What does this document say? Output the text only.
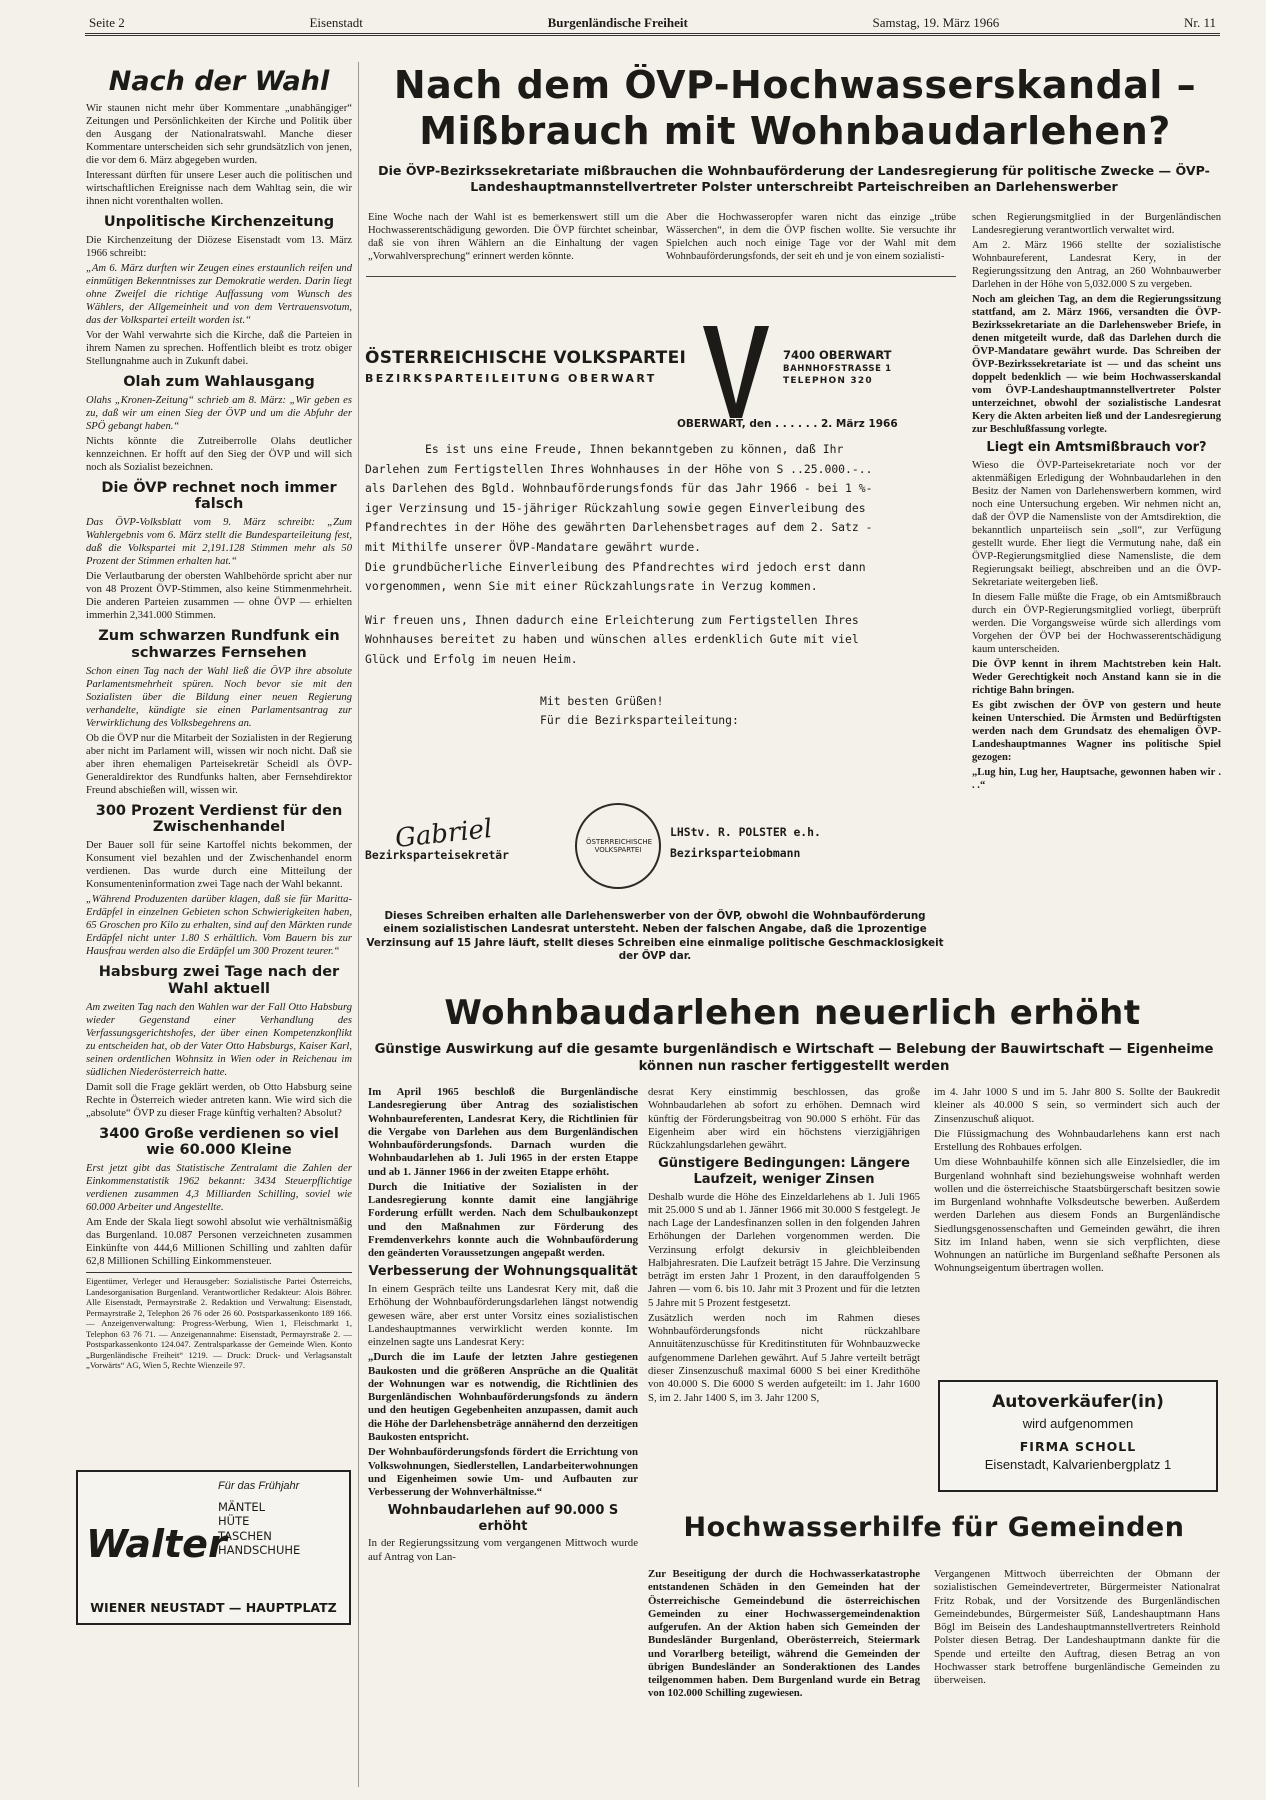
Seite 2	Eisenstadt	Burgenländische Freiheit	Samstag, 19. März 1966	Nr. 11
Nach der Wahl

Wir staunen nicht mehr über Kommentare „unabhängiger“ Zeitungen und Persönlichkeiten der Kirche und Politik über den Ausgang der Nationalratswahl. Manche dieser Kommentare unterscheiden sich sehr grundsätzlich von jenen, die vor dem 6. März abgegeben wurden.

Interessant dürften für unsere Leser auch die politischen und wirtschaftlichen Ereignisse nach dem Wahltag sein, die wir ihnen nicht vorenthalten wollen.

Unpolitische Kirchenzeitung

Die Kirchenzeitung der Diözese Eisenstadt vom 13. März 1966 schreibt:

„Am 6. März durften wir Zeugen eines erstaunlich reifen und einmütigen Bekenntnisses zur Demokratie werden. Darin liegt ohne Zweifel die richtige Auffassung vom Wunsch des Wählers, der Allgemeinheit und von dem Vertrauensvotum, das der Volkspartei erteilt worden ist.“

Vor der Wahl verwahrte sich die Kirche, daß die Parteien in ihrem Namen zu sprechen. Hoffentlich bleibt es trotz obiger Stellungnahme auch in Zukunft dabei.

Olah zum Wahlausgang

Olahs „Kronen-Zeitung“ schrieb am 8. März: „Wir geben es zu, daß wir um einen Sieg der ÖVP und um die Abfuhr der SPÖ gebangt haben.“

Nichts könnte die Zutreiberrolle Olahs deutlicher kennzeichnen. Er hofft auf den Sieg der ÖVP und will sich noch als Sozialist bezeichnen.

Die ÖVP rechnet noch immer falsch

Das ÖVP-Volksblatt vom 9. März schreibt: „Zum Wahlergebnis vom 6. März stellt die Bundesparteileitung fest, daß die Volkspartei mit 2,191.128 Stimmen mehr als 50 Prozent der Stimmen erhalten hat.“

Die Verlautbarung der obersten Wahlbehörde spricht aber nur von 48 Prozent ÖVP-Stimmen, also keine Stimmenmehrheit. Die anderen Parteien zusammen — ohne ÖVP — erhielten immerhin 2,341.000 Stimmen.

Zum schwarzen Rundfunk ein schwarzes Fernsehen

Schon einen Tag nach der Wahl ließ die ÖVP ihre absolute Parlamentsmehrheit spüren. Noch bevor sie mit den Sozialisten über die Bildung einer neuen Regierung verhandelte, kündigte sie einen Parlamentsantrag zur Verwirklichung des Volksbegehrens an.

Ob die ÖVP nur die Mitarbeit der Sozialisten in der Regierung aber nicht im Parlament will, wissen wir noch nicht. Daß sie aber ihren ehemaligen Parteisekretär Scheidl als ÖVP-Generaldirektor des Rundfunks halten, aber Fernsehdirektor Freund abschießen will, wissen wir.

300 Prozent Verdienst für den Zwischenhandel

Der Bauer soll für seine Kartoffel nichts bekommen, der Konsument viel bezahlen und der Zwischenhandel enorm verdienen. Das wurde durch eine Mitteilung der Konsumenteninformation zwei Tage nach der Wahl bekannt.

„Während Produzenten darüber klagen, daß sie für Maritta-Erdäpfel in einzelnen Gebieten schon Schwierigkeiten haben, 65 Groschen pro Kilo zu erhalten, sind auf den Märkten runde Erdäpfel nicht unter 1.80 S erhältlich. Vom Bauern bis zur Hausfrau werden also die Erdäpfel um 300 Prozent teurer.“

Habsburg zwei Tage nach der Wahl aktuell

Am zweiten Tag nach den Wahlen war der Fall Otto Habsburg wieder Gegenstand einer Verhandlung des Verfassungsgerichtshofes, der über einen Kompetenzkonflikt zu entscheiden hat, ob der Vater Otto Habsburgs, Kaiser Karl, seinen ordentlichen Wohnsitz in Wien oder in Reichenau im südlichen Niederösterreich hatte.

Damit soll die Frage geklärt werden, ob Otto Habsburg seine Rechte in Österreich wieder antreten kann. Wie wird sich die „absolute“ ÖVP zu dieser Frage künftig verhalten? Absolut?

3400 Große verdienen so viel wie 60.000 Kleine

Erst jetzt gibt das Statistische Zentralamt die Zahlen der Einkommenstatistik 1962 bekannt: 3434 Steuerpflichtige verdienen zusammen 4,3 Milliarden Schilling, soviel wie 60.000 Arbeiter und Angestellte.

Am Ende der Skala liegt sowohl absolut wie verhältnismäßig das Burgenland. 10.087 Personen verzeichneten zusammen Einkünfte von 444,6 Millionen Schilling und zahlten dafür 62,8 Millionen Schilling Einkommensteuer.

Eigentümer, Verleger und Herausgeber: Sozialistische Partei Österreichs, Landesorganisation Burgenland. Verantwortlicher Redakteur: Alois Böhrer. Alle Eisenstadt, Permayrstraße 2. Redaktion und Verwaltung: Eisenstadt, Permayrstraße 2, Telephon 26 76 oder 26 60. Postsparkassenkonto 189 166. — Anzeigenverwaltung: Progress-Werbung, Wien 1, Fleischmarkt 1, Telephon 63 76 71. — Anzeigenannahme: Eisenstadt, Permayrstraße 2. — Postsparkassenkonto 124.047. Zentralsparkasse der Gemeinde Wien. Konto „Burgenländische Freiheit“ 1219. — Druck: Druck- und Verlagsanstalt „Vorwärts“ AG, Wien 5, Rechte Wienzeile 97.
Für das Frühjahr
MÄNTEL
HÜTE
TASCHEN
HANDSCHUHE
Walter
WIENER NEUSTADT — HAUPTPLATZ
Nach dem ÖVP-Hochwasserskandal –
Mißbrauch mit Wohnbaudarlehen?
Die ÖVP-Bezirkssekretariate mißbrauchen die Wohnbauförderung der Landesregierung für politische Zwecke — ÖVP-Landeshauptmannstellvertreter Polster unterschreibt Parteischreiben an Darlehenswerber

Eine Woche nach der Wahl ist es bemerkenswert still um die Hochwasserentschädigung geworden. Die ÖVP fürchtet scheinbar, daß sie von ihren Wählern an die Einhaltung der vagen „Vorwahlversprechung“ erinnert werden könnte.

Aber die Hochwasseropfer waren nicht das einzige „trübe Wässerchen“, in dem die ÖVP fischen wollte. Sie versuchte ihr Spielchen auch noch einige Tage vor der Wahl mit dem Wohnbauförderungsfonds, der seit eh und je von einem sozialisti-

schen Regierungsmitglied in der Burgenländischen Landesregierung verantwortlich verwaltet wird.

Am 2. März 1966 stellte der sozialistische Wohnbaureferent, Landesrat Kery, in der Regierungssitzung den Antrag, an 260 Wohnbauwerber Darlehen in der Höhe von 5,032.000 S zu vergeben.

Noch am gleichen Tag, an dem die Regierungssitzung stattfand, am 2. März 1966, versandten die ÖVP-Bezirkssekretariate an die Darlehensweber Briefe, in denen mitgeteilt wurde, daß das Darlehen durch die ÖVP-Mandatare gewährt wurde. Das Schreiben der ÖVP-Bezirkssekretariate ist — und das scheint uns doppelt bedenklich — wie beim Hochwasserskandal vom ÖVP-Landeshauptmannstellvertreter Polster unterzeichnet, obwohl der sozialistische Landesrat Kery die Akten arbeiten ließ und der Landesregierung zur Beschlußfassung vorlegte.

Liegt ein Amtsmißbrauch vor?

Wieso die ÖVP-Parteisekretariate noch vor der aktenmäßigen Erledigung der Wohnbaudarlehen in den Besitz der Namen von Darlehenswerbern kommen, wird noch eine Untersuchung ergeben. Wir nehmen nicht an, daß der ÖVP die Namensliste von der Amtsdirektion, die bekanntlich unparteiisch sein „soll“, zur Verfügung gestellt wurde. Eher liegt die Vermutung nahe, daß ein ÖVP-Regierungsmitglied diese Namensliste, die dem Regierungsakt beiliegt, abschreiben und an die ÖVP-Sekretariate weitergeben ließ.

In diesem Falle müßte die Frage, ob ein Amtsmißbrauch durch ein ÖVP-Regierungsmitglied vorliegt, überprüft werden. Die Vorgangsweise würde sich allerdings vom Vorgehen der ÖVP bei der Hochwasserentschädigung kaum unterscheiden.

Die ÖVP kennt in ihrem Machtstreben kein Halt. Weder Gerechtigkeit noch Anstand kann sie in die richtige Bahn bringen.

Es gibt zwischen der ÖVP von gestern und heute keinen Unterschied. Die Ärmsten und Bedürftigsten werden nach dem Grundsatz des ehemaligen ÖVP-Landeshauptmannes Wagner ins politische Spiel gezogen:

„Lug hin, Lug her, Hauptsache, gewonnen haben wir . . .“

ÖSTERREICHISCHE VOLKSPARTEI
BEZIRKSPARTEILEITUNG OBERWART
7400 OBERWART
BAHNHOFSTRASSE 1
TELEPHON 320
OBERWART, den . . . . . . 2. März 1966

Es ist uns eine Freude, Ihnen bekanntgeben zu können, daß Ihr Darlehen zum Fertigstellen Ihres Wohnhauses in der Höhe von S ..25.000.-.. als Darlehen des Bgld. Wohnbauförderungsfonds für das Jahr 1966 - bei 1 %-iger Verzinsung und 15-jähriger Rückzahlung sowie gegen Einverleibung des Pfandrechtes in der Höhe des gewährten Darlehensbetrages auf dem 2. Satz - mit Mithilfe unserer ÖVP-Mandatare gewährt wurde.

Die grundbücherliche Einverleibung des Pfandrechtes wird jedoch erst dann vorgenommen, wenn Sie mit einer Rückzahlungsrate in Verzug kommen.

Wir freuen uns, Ihnen dadurch eine Erleichterung zum Fertigstellen Ihres Wohnhauses bereitet zu haben und wünschen alles erdenklich Gute mit viel Glück und Erfolg im neuen Heim.

Mit besten Grüßen!

Für die Bezirksparteileitung:

Gabriel
Bezirksparteisekretär
ÖSTERREICHISCHE VOLKSPARTEI
LHStv. R. POLSTER e.h.
Bezirksparteiobmann
Dieses Schreiben erhalten alle Darlehenswerber von der ÖVP, obwohl die Wohnbauförderung einem sozialistischen Landesrat untersteht. Neben der falschen Angabe, daß die 1prozentige Verzinsung auf 15 Jahre läuft, stellt dieses Schreiben eine einmalige politische Geschmacklosigkeit der ÖVP dar.
Wohnbaudarlehen neuerlich erhöht
Günstige Auswirkung auf die gesamte burgenländisch e Wirtschaft — Belebung der Bauwirtschaft — Eigenheime können nun rascher fertiggestellt werden

Im April 1965 beschloß die Burgenländische Landesregierung über Antrag des sozialistischen Wohnbaureferenten, Landesrat Kery, die Richtlinien für die Vergabe von Darlehen aus dem Burgenländischen Wohnbauförderungsfonds. Darnach wurden die Wohnbaudarlehen ab 1. Juli 1965 in der ersten Etappe und ab 1. Jänner 1966 in der zweiten Etappe erhöht.

Durch die Initiative der Sozialisten in der Landesregierung konnte damit eine langjährige Forderung erfüllt werden. Nach dem Schulbaukonzept und den Maßnahmen zur Förderung des Fremdenverkehrs konnte auch die Wohnbauförderung den geänderten Voraussetzungen angepaßt werden.

Verbesserung der Wohnungsqualität

In einem Gespräch teilte uns Landesrat Kery mit, daß die Erhöhung der Wohnbauförderungsdarlehen längst notwendig gewesen wäre, aber erst unter Vorsitz eines sozialistischen Landeshauptmannes verwirklicht werden konnte. Im einzelnen sagte uns Landesrat Kery:

„Durch die im Laufe der letzten Jahre gestiegenen Baukosten und die größeren Ansprüche an die Qualität der Wohnungen war es notwendig, die Richtlinien des Burgenländischen Wohnbauförderungsfonds zu ändern und den heutigen Gegebenheiten anzupassen, damit auch die Höhe der Darlehensbeträge annähernd den derzeitigen Baukosten entspricht.

Der Wohnbauförderungsfonds fördert die Errichtung von Volkswohnungen, Siedlerstellen, Landarbeiterwohnungen und Eigenheimen sowie Um- und Aufbauten zur Verbesserung der Wohnverhältnisse.“

Wohnbaudarlehen auf 90.000 S erhöht

In der Regierungssitzung vom vergangenen Mittwoch wurde auf Antrag von Lan-

desrat Kery einstimmig beschlossen, das große Wohnbaudarlehen ab sofort zu erhöhen. Demnach wird künftig der Förderungsbeitrag von 90.000 S erhöht. Für das Eigenheim aber wird ein höchstens vierzigjährigen Rückzahlungsdarlehen gewährt.

Günstigere Bedingungen: Längere Laufzeit, weniger Zinsen

Deshalb wurde die Höhe des Einzeldarlehens ab 1. Juli 1965 mit 25.000 S und ab 1. Jänner 1966 mit 30.000 S festgelegt. Je nach Lage der Landesfinanzen sollen in den folgenden Jahren Erhöhungen der Darlehen vorgenommen werden. Die Verzinsung erfolgt dekursiv in gleichbleibenden Halbjahresraten. Die Laufzeit beträgt 15 Jahre. Die Verzinsung beträgt im ersten Jahr 1 Prozent, in den darauffolgenden 5 Jahren — vom 6. bis 10. Jahr mit 3 Prozent und für die letzten 5 Jahre mit 5 Prozent festgesetzt.

Zusätzlich werden noch im Rahmen dieses Wohnbauförderungsfonds nicht rückzahlbare Annuitätenzuschüsse für Kreditinstituten für Wohnbauzwecke aufgenommene Darlehen gewährt. Auf 5 Jahre verteilt beträgt dieser Zinsenzuschuß maximal 6000 S bei einer Kredithöhe von 40.000 S. Die 6000 S werden aufgeteilt: im 1. Jahr 1600 S, im 2. Jahr 1400 S, im 3. Jahr 1200 S,

im 4. Jahr 1000 S und im 5. Jahr 800 S. Sollte der Baukredit kleiner als 40.000 S sein, so vermindert sich auch der Zinsenzuschuß aliquot.

Die Flüssigmachung des Wohnbaudarlehens kann erst nach Erstellung des Rohbaues erfolgen.

Um diese Wohnbauhilfe können sich alle Einzelsiedler, die im Burgenland wohnhaft sind beziehungsweise wohnhaft werden wollen und die österreichische Staatsbürgerschaft besitzen sowie im Burgenland wohnhafte Volksdeutsche bewerben. Außerdem werden Darlehen aus diesem Fonds an Burgenländische Siedlungsgenossenschaften und Gemeinden gewährt, die ihren Sitz im Inland haben, wenn sie sich verpflichten, diese Wohnungen an natürliche im Burgenland seßhafte Personen als Wohnungseigentum übertragen wollen.

Autoverkäufer(in)
wird aufgenommen
FIRMA SCHOLL
Eisenstadt, Kalvarienbergplatz 1
Hochwasserhilfe für Gemeinden

Zur Beseitigung der durch die Hochwasserkatastrophe entstandenen Schäden in den Gemeinden hat der Österreichische Gemeindebund die österreichischen Gemeinden zu einer Hochwassergemeindenaktion aufgerufen. An der Aktion haben sich Gemeinden der Bundesländer Burgenland, Oberösterreich, Steiermark und Vorarlberg beteiligt, während die Gemeinden der übrigen Bundesländer an Sonderaktionen des Landes teilgenommen haben. Dem Burgenland wurde ein Betrag von 102.000 Schilling zugewiesen.

Vergangenen Mittwoch überreichten der Obmann der sozialistischen Gemeindevertreter, Bürgermeister Nationalrat Fritz Robak, und der Vorsitzende des Burgenländischen Gemeindebundes, Bürgermeister Süß, Landeshauptmann Hans Bögl im Beisein des Landeshauptmannstellvertreters Reinhold Polster diesen Betrag. Der Landeshauptmann dankte für die Spende und erteilte den Auftrag, diesen Betrag an von Hochwasser stark betroffene burgenländische Gemeinden zu überweisen.
